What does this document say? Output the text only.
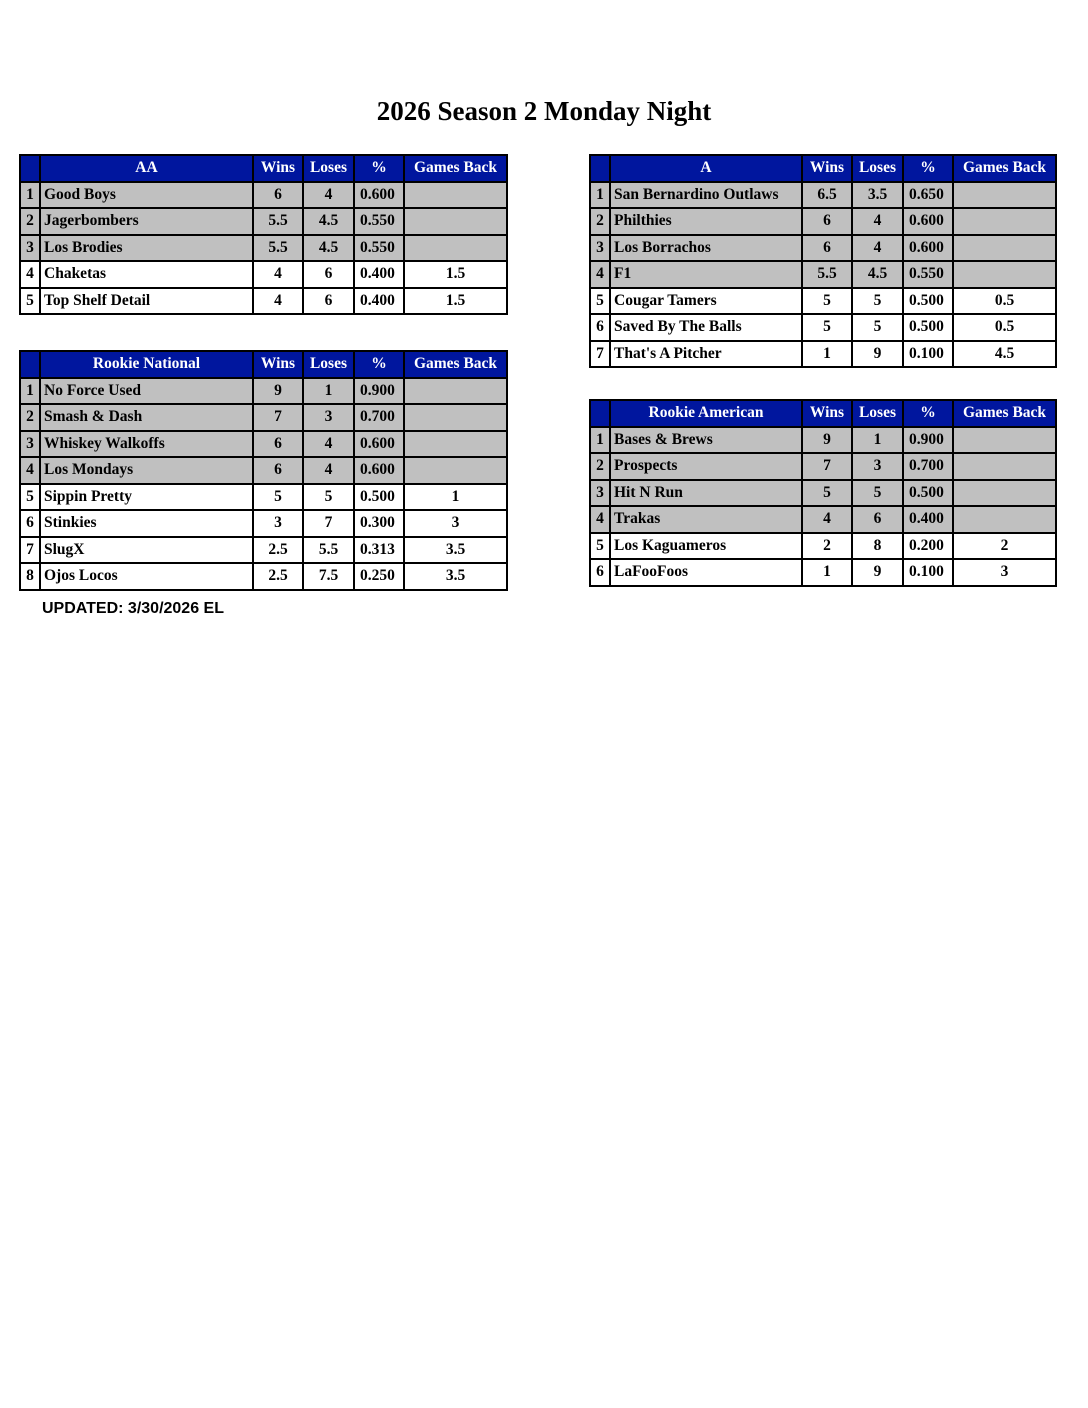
2026 Season 2 Monday Night
	AA	Wins	Loses	%	Games Back
1	Good Boys	6	4	0.600	
2	Jagerbombers	5.5	4.5	0.550	
3	Los Brodies	5.5	4.5	0.550	
4	Chaketas	4	6	0.400	1.5
5	Top Shelf Detail	4	6	0.400	1.5
	A	Wins	Loses	%	Games Back
1	San Bernardino Outlaws	6.5	3.5	0.650	
2	Philthies	6	4	0.600	
3	Los Borrachos	6	4	0.600	
4	F1	5.5	4.5	0.550	
5	Cougar Tamers	5	5	0.500	0.5
6	Saved By The Balls	5	5	0.500	0.5
7	That's A Pitcher	1	9	0.100	4.5
	Rookie National	Wins	Loses	%	Games Back
1	No Force Used	9	1	0.900	
2	Smash & Dash	7	3	0.700	
3	Whiskey Walkoffs	6	4	0.600	
4	Los Mondays	6	4	0.600	
5	Sippin Pretty	5	5	0.500	1
6	Stinkies	3	7	0.300	3
7	SlugX	2.5	5.5	0.313	3.5
8	Ojos Locos	2.5	7.5	0.250	3.5
	Rookie American	Wins	Loses	%	Games Back
1	Bases & Brews	9	1	0.900	
2	Prospects	7	3	0.700	
3	Hit N Run	5	5	0.500	
4	Trakas	4	6	0.400	
5	Los Kaguameros	2	8	0.200	2
6	LaFooFoos	1	9	0.100	3
UPDATED: 3/30/2026 EL
